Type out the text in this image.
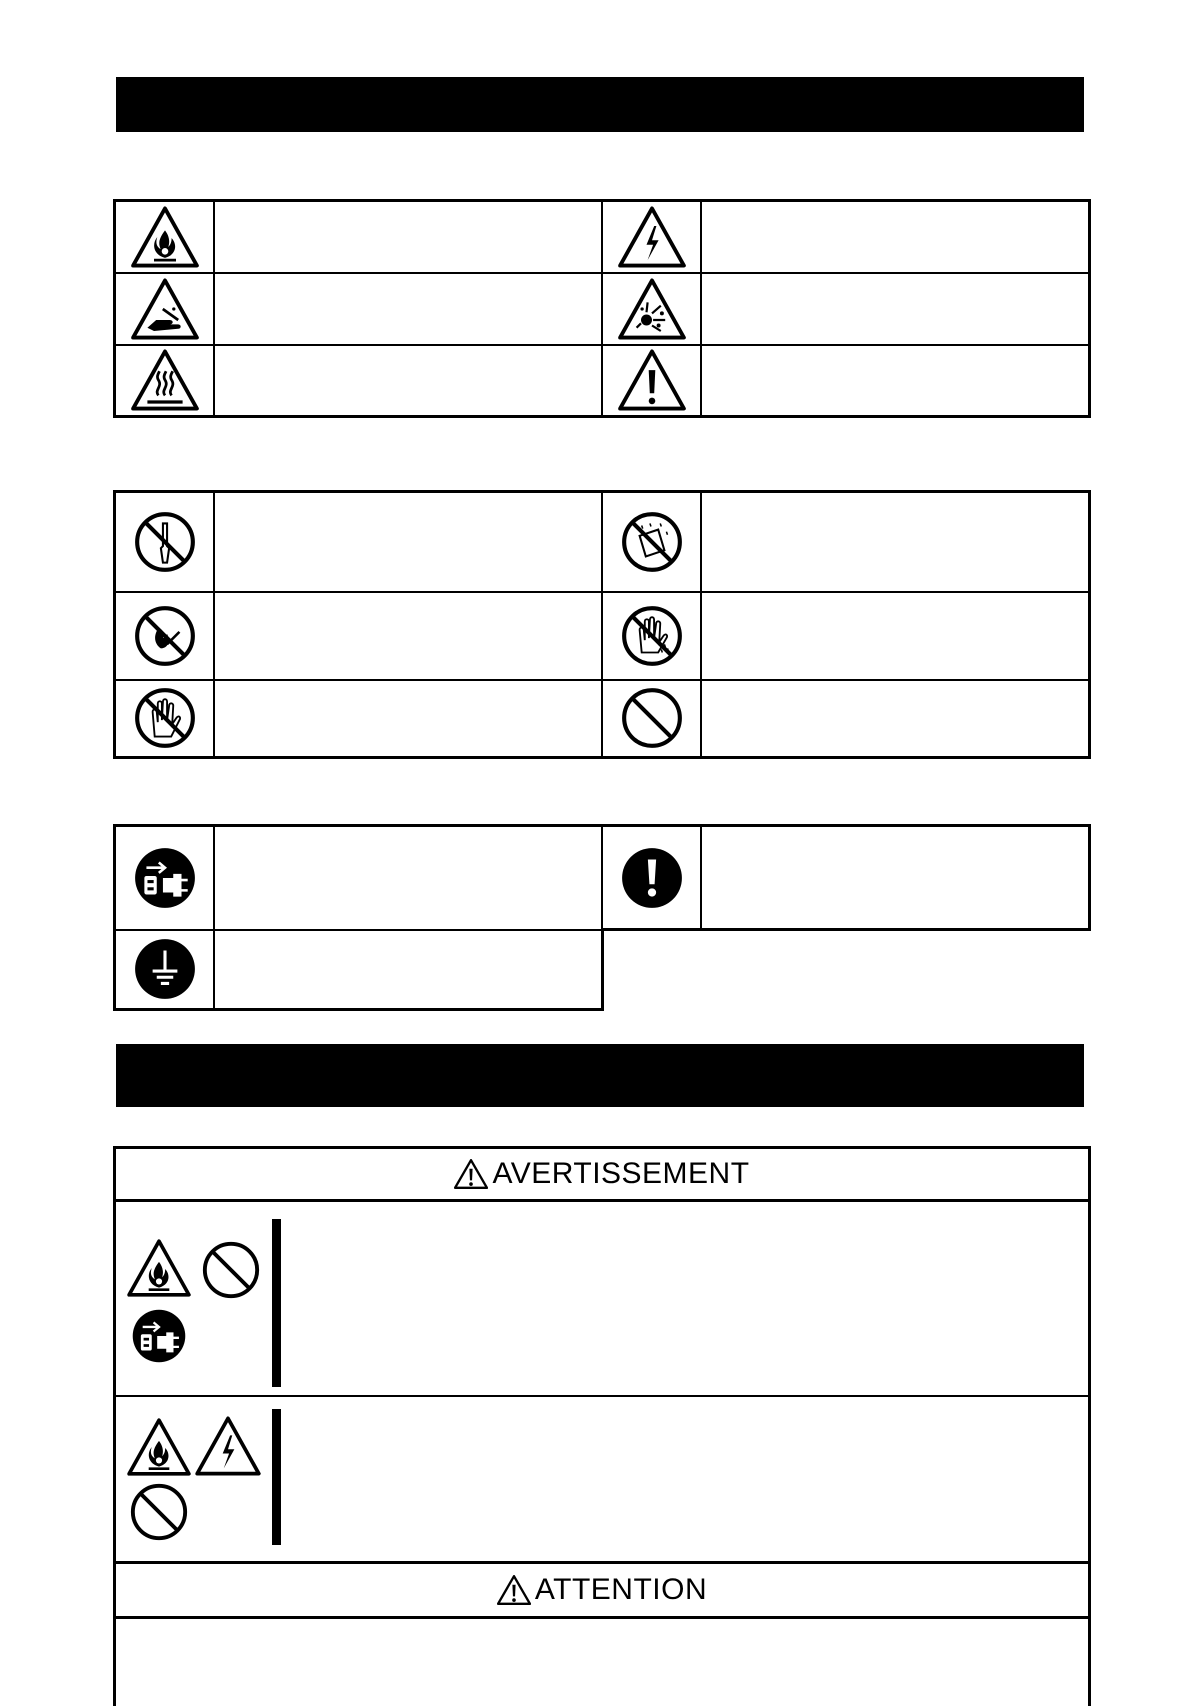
AVERTISSEMENT
ATTENTION
